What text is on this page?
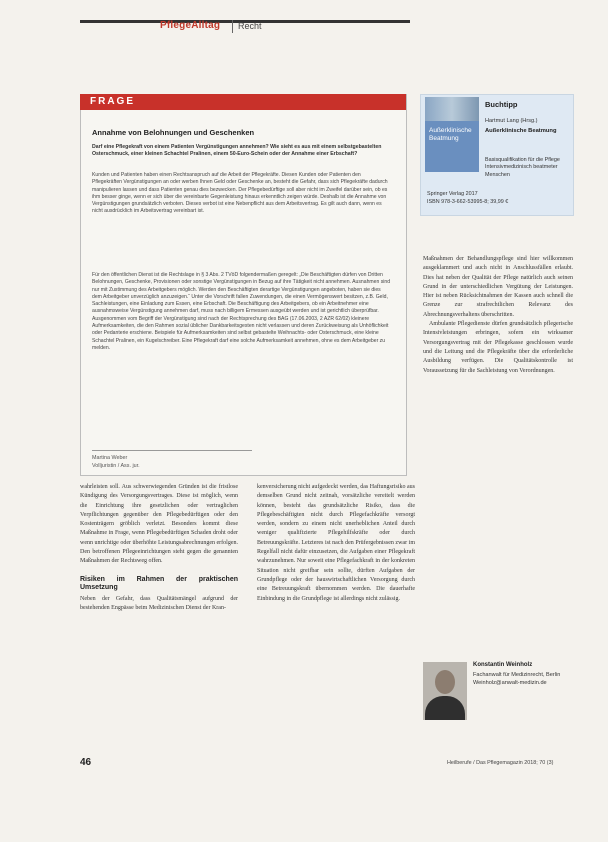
PflegeAlltag Recht
FRAGE
Annahme von Belohnungen und Geschenken
Darf eine Pflegekraft von einem Patienten Vergünstigungen annehmen? Wie sieht es aus mit einem selbstgebastelten Osterschmuck, einer kleinen Schachtel Pralinen, einem 50-Euro-Schein oder der Annahme einer Erbschaft?
Kunden und Patienten haben einen Rechtsanspruch auf die Arbeit der Pflegekräfte. Diesen Kunden oder Patienten den Pflegekräften Vergünstigungen an oder werben Ihnen Geld oder Geschenke an, besteht die Gefahr, dass sich Pflegekräfte dadurch manipulieren lassen und dass Patienten genau dies bezwecken. Der Pflegebedürftige soll aber nicht im Zweifel darüber sein, ob es ihm besser ginge, wenn er sich über die vereinbarte Gegenleistung hinaus erkenntlich zeigen würde. Deshalb ist die Annahme von Vergünstigungen grundsätzlich verboten. Dieses verbot ist eine Nebenpflicht aus dem Arbeitsvertrag. Es gilt auch dann, wenn es nicht ausdrücklich im Arbeitsvertrag vereinbart ist.
Für den öffentlichen Dienst ist die Rechtslage in § 3 Abs. 2 TVöD folgendermaßen geregelt: „Die Beschäftigten dürfen von Dritten Belohnungen, Geschenke, Provisionen oder sonstige Vergünstigungen in Bezug auf ihre Tätigkeit nicht annehmen. Ausnahmen sind nur mit Zustimmung des Arbeitgebers möglich. Werden den Beschäftigten derartige Vergünstigungen angeboten, haben sie dies dem Arbeitgeber unverzüglich anzuzeigen.“ Unter die Vorschrift fallen Zuwendungen, die einen Vermögenswert besitzen, z.B. Geld, Sachleistungen, eine Einladung zum Essen, eine Erbschaft. Die Beschäftigung des Arbeitgebers, ob ein Arbeitnehmer eine ausnahmsweise Vergünstigung annehmen darf, muss nach billigem Ermessen ausgeübt werden und ist gerichtlich überprüfbar. Ausgenommen vom Begriff der Vergünstigung sind nach der Rechtsprechung des BAG (17.06.2003, 2 AZR 62/02) kleinere Aufmerksamkeiten, die den Rahmen sozial üblicher Dankbarkeitsgesten nicht verlassen und deren Zurückweisung als Unhöflichkeit oder Pedanterie erschiene. Beispiele für Aufmerksamkeiten sind selbst gebastelte Weihnachts- oder Osterschmuck, eine kleine Schachtel Pralinen, ein Kugelschreiber. Eine Pflegekraft darf eine solche Aufmerksamkeit annehmen, ohne es dem Arbeitgeber zu melden.
Martina Weber
Volljuristin / Ass. jur.
Außerklinische Beatmung
Buchtipp
Hartmut Lang (Hrsg.)
Außerklinische Beatmung
Basisqualifikation für die Pflege Intensivmedizinisch beatmeter Menschen
Springer Verlag 2017
ISBN 978-3-662-53995-8; 39,99 €

Maßnahmen der Behandlungspflege sind hier willkommen ausgeklammert und auch nicht in Anschlussfällen erlaubt. Dies hat neben der Qualität der Pflege natürlich auch seinen Grund in der unterschiedlichen Vergütung der Leistungen. Hier ist neben Rücksichtnahmen der Kassen auch schnell die Grenze zur strafrechtlichen Relevanz des Abrechnungsverhaltens überschritten.

Ambulante Pflegedienste dürfen grundsätzlich pflegerische Intensivleistungen erbringen, sofern ein wirksamer Versorgungsvertrag mit der Pflegekasse geschlossen wurde und die Leitung und die Pflegekräfte über die erforderliche Ausbildung verfügen. Die Qualitätskontrolle ist Voraussetzung für die Sachleistung von Verordnungen.

wahrleisten soll. Aus schwerwiegenden Gründen ist die fristlose Kündigung des Versorgungsvertrages. Diese ist möglich, wenn die Einrichtung ihre gesetzlichen oder vertraglichen Verpflichtungen gegenüber den Pflegebedürftigen oder den Kostenträgern gröblich verletzt. Besonders kommt diese Maßnahme in Frage, wenn Pflegebedürftigen Schaden droht oder wenn unrichtige oder überhöhte Leistungsabrechnungen erfolgen. Den betroffenen Pflegeeinrichtungen steht gegen die genannten Maßnahmen der Rechtsweg offen.

Risiken im Rahmen der praktischen Umsetzung

Neben der Gefahr, dass Qualitätsmängel aufgrund der bestehenden Engpässe beim Medizinischen Dienst der Kran-

kenversicherung nicht aufgedeckt werden, das Haftungsrisiko aus demselben Grund nicht zeitnah, vorsätzliche vereitelt werden können, besteht das grundsätzliche Risiko, dass die Pflegebeschäftigten nicht durch Pflegefachkräfte versorgt werden, sondern zu einem nicht unerheblichen Anteil durch weniger qualifizierte Pflegehilfskräfte oder durch Betreuungskräfte. Letzteres ist nach den Prüfergebnissen zwar im Regelfall nicht dafür einzusetzen, die Aufgaben einer Pflegekraft wahrzunehmen. Nur soweit eine Pflegefachkraft in der konkreten Situation nicht greifbar sein sollte, dürften Aufgaben der Grundpflege oder der hauswirtschaftlichen Versorgung durch eine Betreuungskraft übernommen werden. Die dauerhafte Einbindung in die Grundpflege ist allerdings nicht zulässig.

Konstantin Weinholz
Fachanwalt für Medizinrecht, Berlin Weinholz@anwalt-medizin.de
46	Heilberufe / Das Pflegemagazin 2018; 70 (3)
